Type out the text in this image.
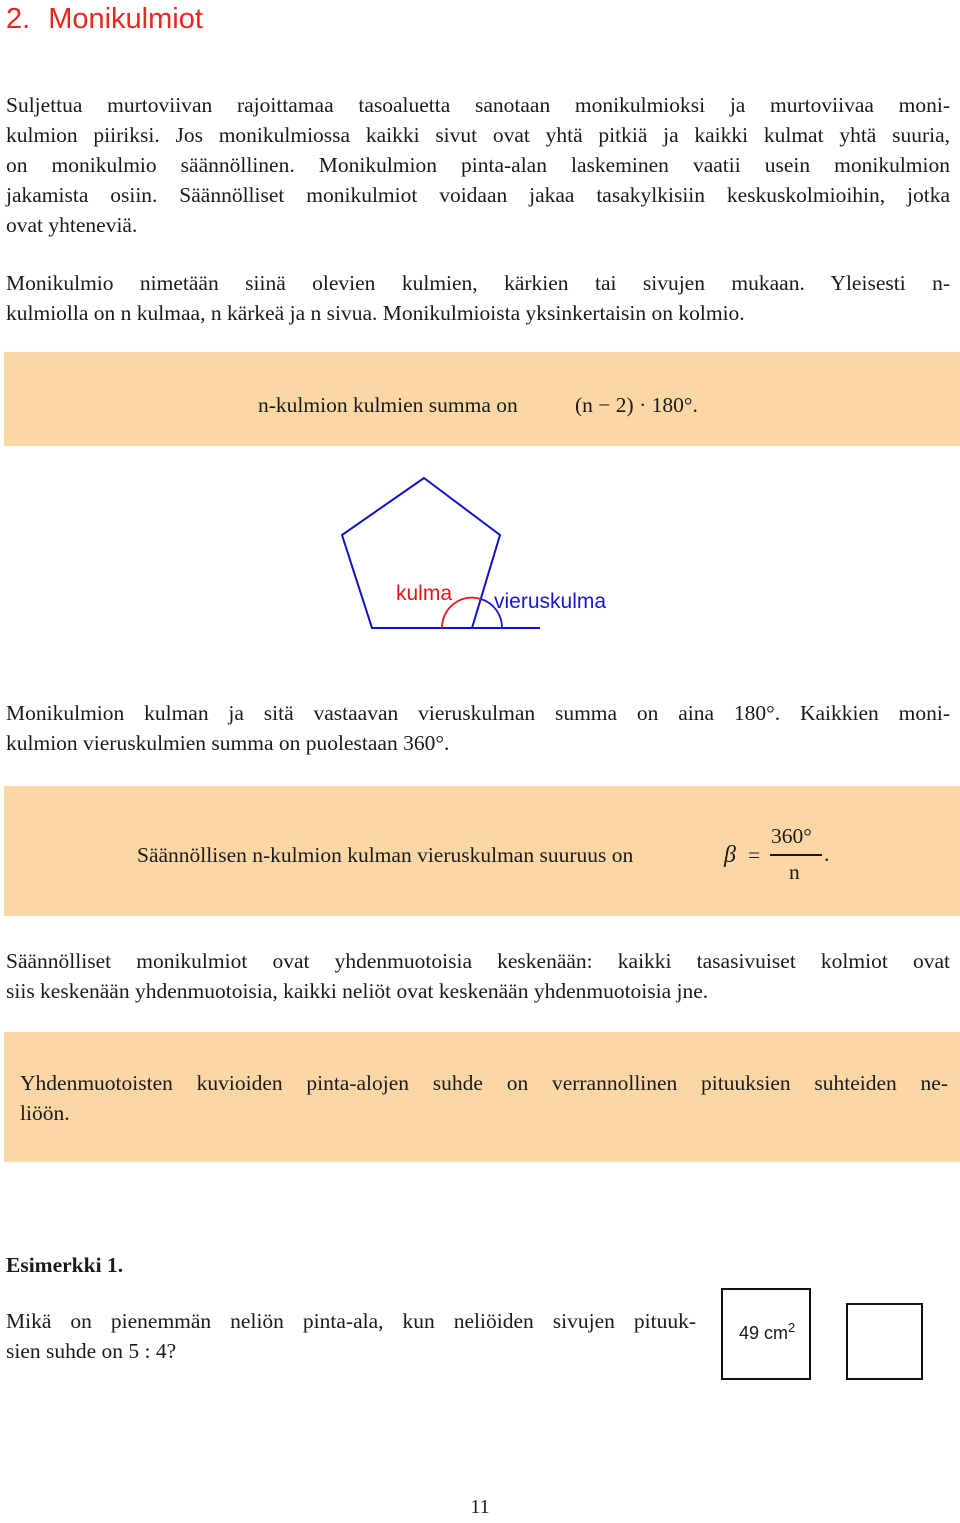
2. Monikulmiot

Suljettua murtoviivan rajoittamaa tasoaluetta sanotaan monikulmioksi ja murtoviivaa moni-

kulmion piiriksi. Jos monikulmiossa kaikki sivut ovat yhtä pitkiä ja kaikki kulmat yhtä suuria,

on monikulmio säännöllinen. Monikulmion pinta-alan laskeminen vaatii usein monikulmion

jakamista osiin. Säännölliset monikulmiot voidaan jakaa tasakylkisiin keskuskolmioihin, jotka

ovat yhteneviä.

Monikulmio nimetään siinä olevien kulmien, kärkien tai sivujen mukaan. Yleisesti n-

kulmiolla on n kulmaa, n kärkeä ja n sivua. Monikulmioista yksinkertaisin on kolmio.

n-kulmion kulmien summa on	(n − 2) · 180°.
kulma vieruskulma

Monikulmion kulman ja sitä vastaavan vieruskulman summa on aina 180°. Kaikkien moni-

kulmion vieruskulmien summa on puolestaan 360°.

Säännöllisen n-kulmion kulman vieruskulman suuruus on	β =
360°
n
.

Säännölliset monikulmiot ovat yhdenmuotoisia keskenään: kaikki tasasivuiset kolmiot ovat

siis keskenään yhdenmuotoisia, kaikki neliöt ovat keskenään yhdenmuotoisia jne.

Yhdenmuotoisten kuvioiden pinta-alojen suhde on verrannollinen pituuksien suhteiden ne-
liöön.
Esimerkki 1.
Mikä on pienemmän neliön pinta-ala, kun neliöiden sivujen pituuk-
sien suhde on 5 : 4?
49 $cm^2$
11
